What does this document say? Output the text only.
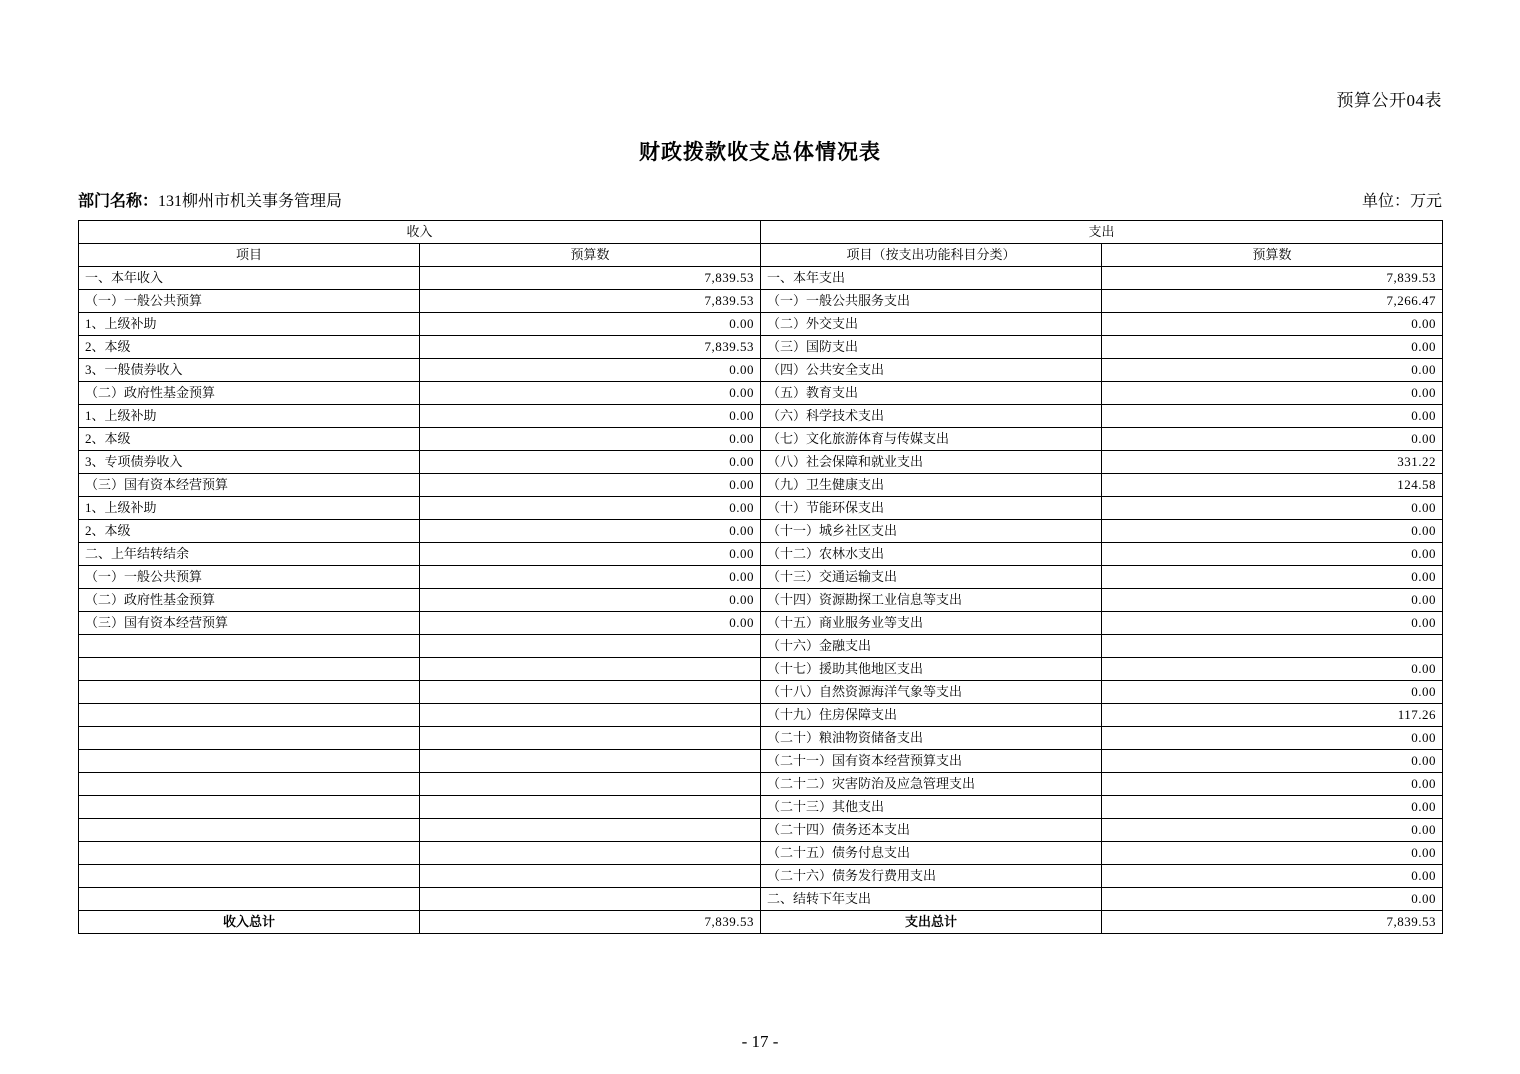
预算公开04表
财政拨款收支总体情况表
部门名称： 131柳州市机关事务管理局	单位：万元
收入		支出	
项目	预算数	项目（按支出功能科目分类）	预算数
一、本年收入	7,839.53	一、本年支出	7,839.53
（一）一般公共预算	7,839.53	（一）一般公共服务支出	7,266.47
1、上级补助	0.00	（二）外交支出	0.00
2、本级	7,839.53	（三）国防支出	0.00
3、一般债券收入	0.00	（四）公共安全支出	0.00
（二）政府性基金预算	0.00	（五）教育支出	0.00
1、上级补助	0.00	（六）科学技术支出	0.00
2、本级	0.00	（七）文化旅游体育与传媒支出	0.00
3、专项债券收入	0.00	（八）社会保障和就业支出	331.22
（三）国有资本经营预算	0.00	（九）卫生健康支出	124.58
1、上级补助	0.00	（十）节能环保支出	0.00
2、本级	0.00	（十一）城乡社区支出	0.00
二、上年结转结余	0.00	（十二）农林水支出	0.00
（一）一般公共预算	0.00	（十三）交通运输支出	0.00
（二）政府性基金预算	0.00	（十四）资源勘探工业信息等支出	0.00
（三）国有资本经营预算	0.00	（十五）商业服务业等支出	0.00
		（十六）金融支出	
		（十七）援助其他地区支出	0.00
		（十八）自然资源海洋气象等支出	0.00
		（十九）住房保障支出	117.26
		（二十）粮油物资储备支出	0.00
		（二十一）国有资本经营预算支出	0.00
		（二十二）灾害防治及应急管理支出	0.00
		（二十三）其他支出	0.00
		（二十四）债务还本支出	0.00
		（二十五）债务付息支出	0.00
		（二十六）债务发行费用支出	0.00
		二、结转下年支出	0.00
收入总计	7,839.53	支出总计	7,839.53
- 17 -
